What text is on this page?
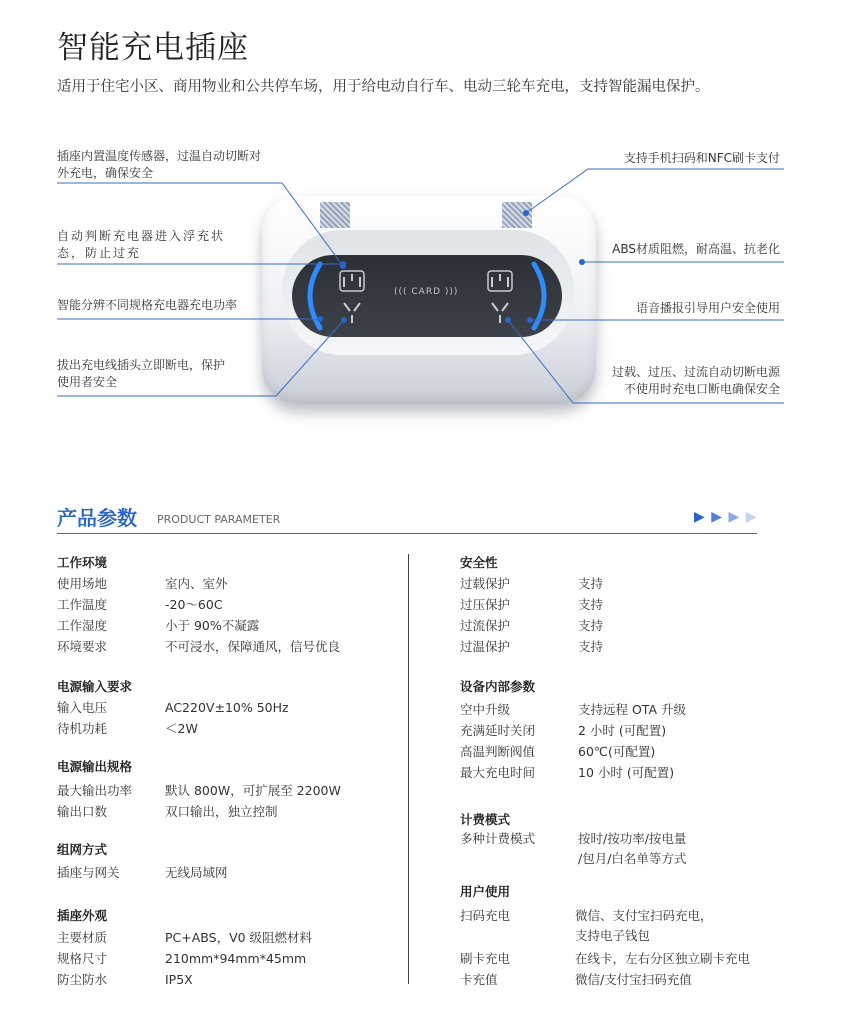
智能充电插座
适用于住宅小区、商用物业和公共停车场，用于给电动自行车、电动三轮车充电，支持智能漏电保护。
((( CARD )))
插座内置温度传感器，过温自动切断对
外充电，确保安全
自动判断充电器进入浮充状
态，防止过充
智能分辨不同规格充电器充电功率
拔出充电线插头立即断电，保护
使用者安全
支持手机扫码和NFC刷卡支付
ABS材质阻燃，耐高温、抗老化
语音播报引导用户安全使用
过载、过压、过流自动切断电源
不使用时充电口断电确保安全
产品参数 PRODUCT PARAMETER	▶ ▶ ▶ ▶
工作环境
使用场地	室内、室外
工作温度	-20～60C
工作湿度	小于 90%不凝露
环境要求	不可浸水，保障通风，信号优良
电源输入要求
输入电压	AC220V±10% 50Hz
待机功耗	＜2W
电源输出规格
最大输出功率	默认 800W，可扩展至 2200W
输出口数	双口输出，独立控制
组网方式
插座与网关	无线局域网
插座外观
主要材质	PC+ABS，V0 级阻燃材料
规格尺寸	210mm*94mm*45mm
防尘防水	IP5X
安全性
过载保护	支持
过压保护	支持
过流保护	支持
过温保护	支持
设备内部参数
空中升级	支持远程 OTA 升级
充满延时关闭	2 小时 (可配置)
高温判断阀值	60℃(可配置)
最大充电时间	10 小时 (可配置)
计费模式
多种计费模式	按时/按功率/按电量
/包月/白名单等方式
用户使用
扫码充电	微信、支付宝扫码充电，
支持电子钱包
刷卡充电	在线卡，左右分区独立刷卡充电
卡充值	微信/支付宝扫码充值
